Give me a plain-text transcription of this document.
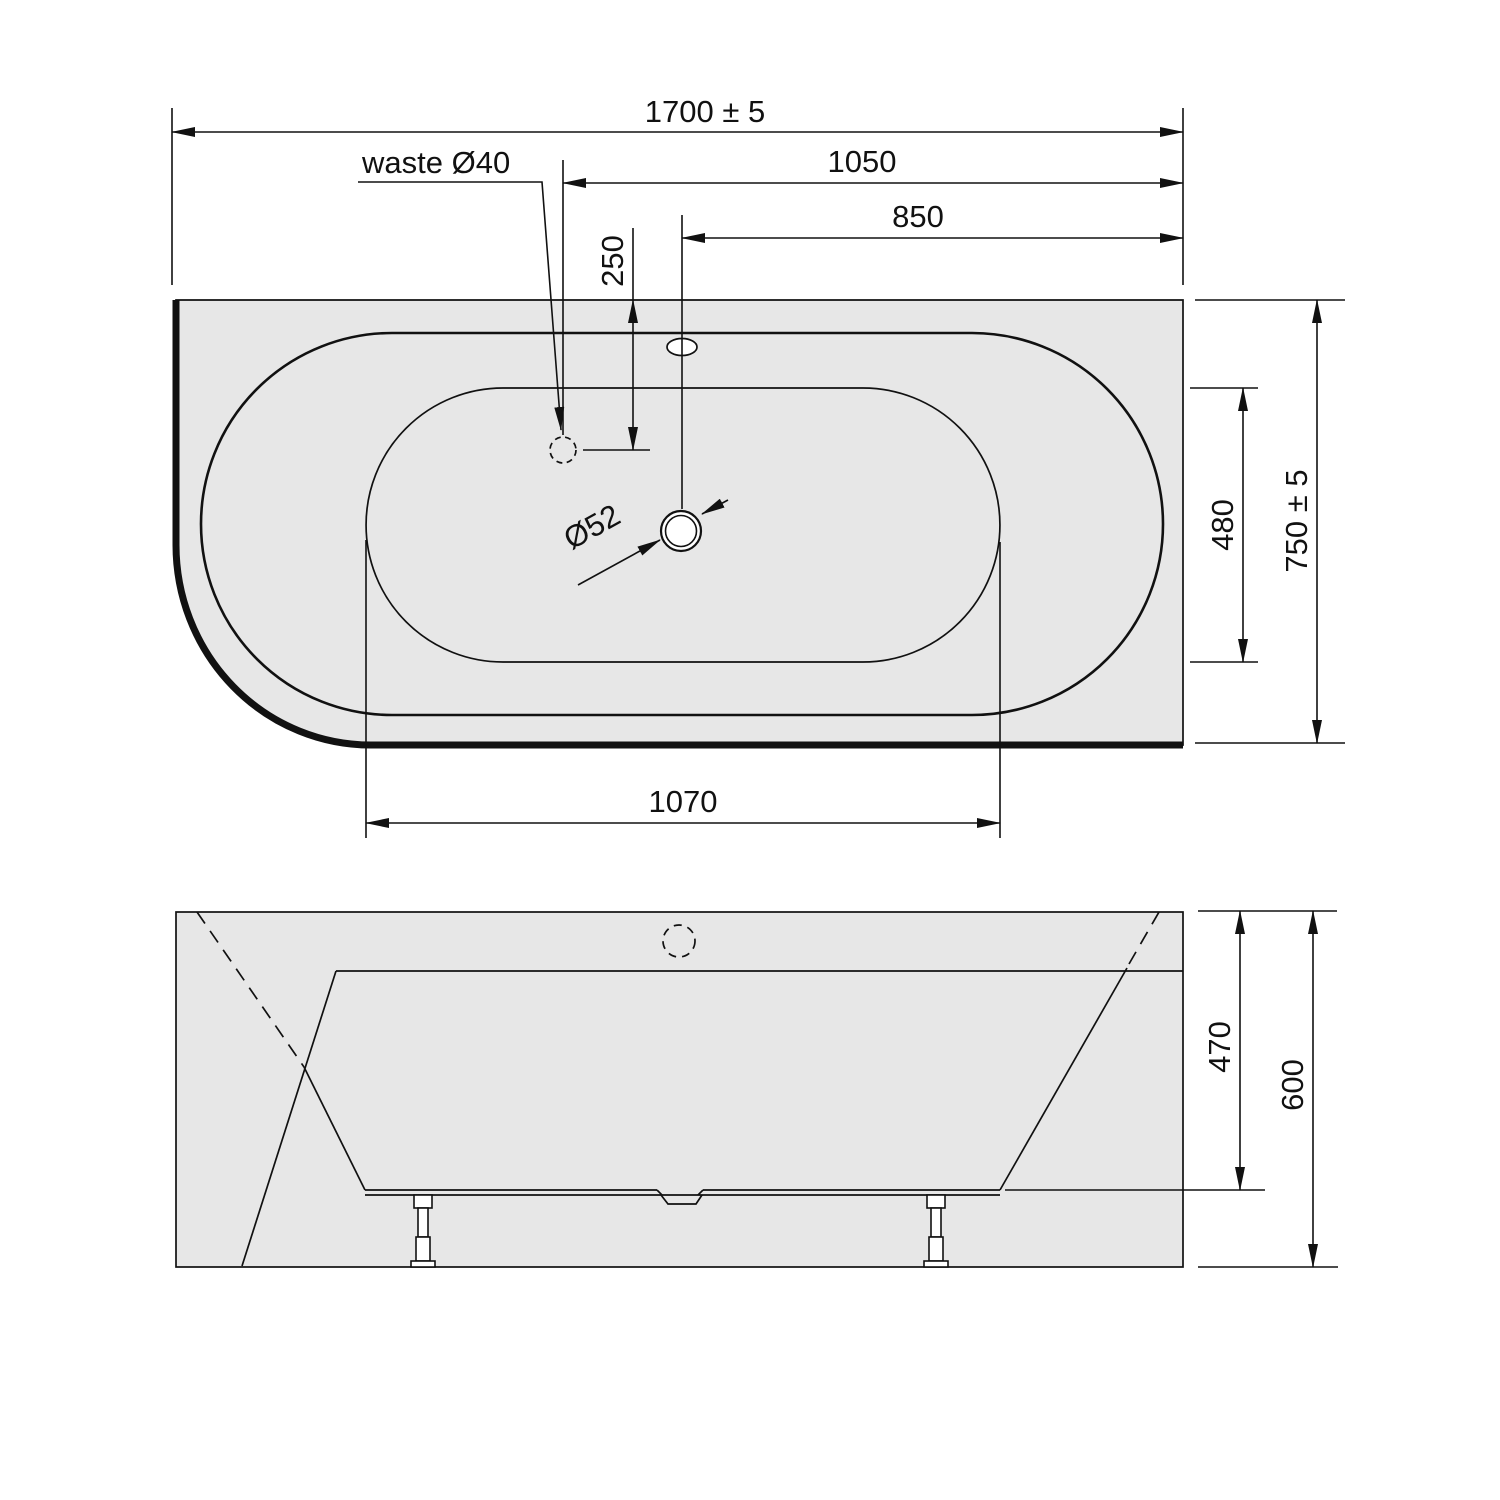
1700 ± 5
waste Ø40	1050
850
250
Ø52	480 750 ± 5
1070
470
600
